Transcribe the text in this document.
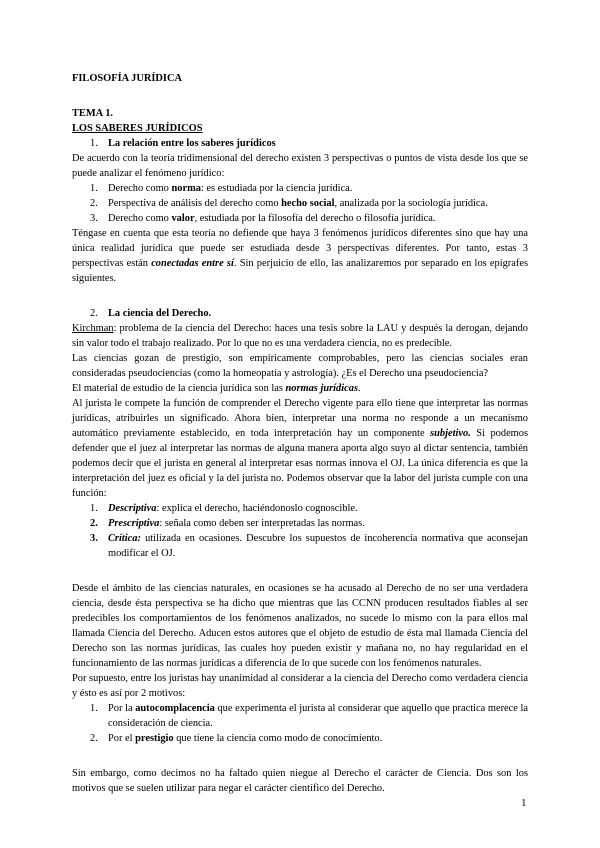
FILOSOFÍA JURÍDICA
TEMA 1.
LOS SABERES JURÍDICOS
1. La relación entre los saberes jurídicos

De acuerdo con la teoría tridimensional del derecho existen 3 perspectivas o puntos de vista desde los que se puede analizar el fenómeno jurídico:

1. Derecho como norma: es estudiada por la ciencia jurídica.
2. Perspectiva de análisis del derecho como hecho social, analizada por la sociología jurídica.
3. Derecho como valor, estudiada por la filosofía del derecho o filosofía jurídica.

Téngase en cuenta que esta teoría no defiende que haya 3 fenómenos jurídicos diferentes sino que hay una única realidad jurídica que puede ser estudiada desde 3 perspectivas diferentes. Por tanto, estas 3 perspectivas están conectadas entre sí. Sin perjuicio de ello, las analizaremos por separado en los epígrafes siguientes.

2. La ciencia del Derecho.

Kirchman: problema de la ciencia del Derecho: haces una tesis sobre la LAU y después la derogan, dejando sin valor todo el trabajo realizado. Por lo que no es una verdadera ciencia, no es predecible.

Las ciencias gozan de prestigio, son empíricamente comprobables, pero las ciencias sociales eran consideradas pseudociencias (como la homeopatía y astrología). ¿Es el Derecho una pseudociencia?

El material de estudio de la ciencia jurídica son las normas jurídicas.

Al jurista le compete la función de comprender el Derecho vigente para ello tiene que interpretar las normas jurídicas, atribuirles un significado. Ahora bien, interpretar una norma no responde a un mecanismo automático previamente establecido, en toda interpretación hay un componente subjetivo. Si podemos defender que el juez al interpretar las normas de alguna manera aporta algo suyo al dictar sentencia, también podemos decir que el jurista en general al interpretar esas normas innova el OJ. La única diferencia es que la interpretación del juez es oficial y la del jurista no. Podemos observar que la labor del jurista cumple con una función:

1. Descriptiva: explica el derecho, haciéndonoslo cognoscible.
2. Prescriptiva: señala como deben ser interpretadas las normas.
3. Crítica: utilizada en ocasiones. Descubre los supuestos de incoherencia normativa que aconsejan modificar el OJ.

Desde el ámbito de las ciencias naturales, en ocasiones se ha acusado al Derecho de no ser una verdadera ciencia, desde ésta perspectiva se ha dicho que mientras que las CCNN producen resultados fiables al ser predecibles los comportamientos de los fenómenos analizados, no sucede lo mismo con la para ellos mal llamada Ciencia del Derecho. Aducen estos autores que el objeto de estudio de ésta mal llamada Ciencia del Derecho son las normas jurídicas, las cuales hoy pueden existir y mañana no, no hay regularidad en el funcionamiento de las normas jurídicas a diferencia de lo que sucede con los fenómenos naturales.

Por supuesto, entre los juristas hay unanimidad al considerar a la ciencia del Derecho como verdadera ciencia y ésto es así por 2 motivos:

1. Por la autocomplacencia que experimenta el jurista al considerar que aquello que practica merece la consideración de ciencia.
2. Por el prestigio que tiene la ciencia como modo de conocimiento.

Sin embargo, como decimos no ha faltado quien niegue al Derecho el carácter de Ciencia. Dos son los motivos que se suelen utilizar para negar el carácter científico del Derecho.

1
